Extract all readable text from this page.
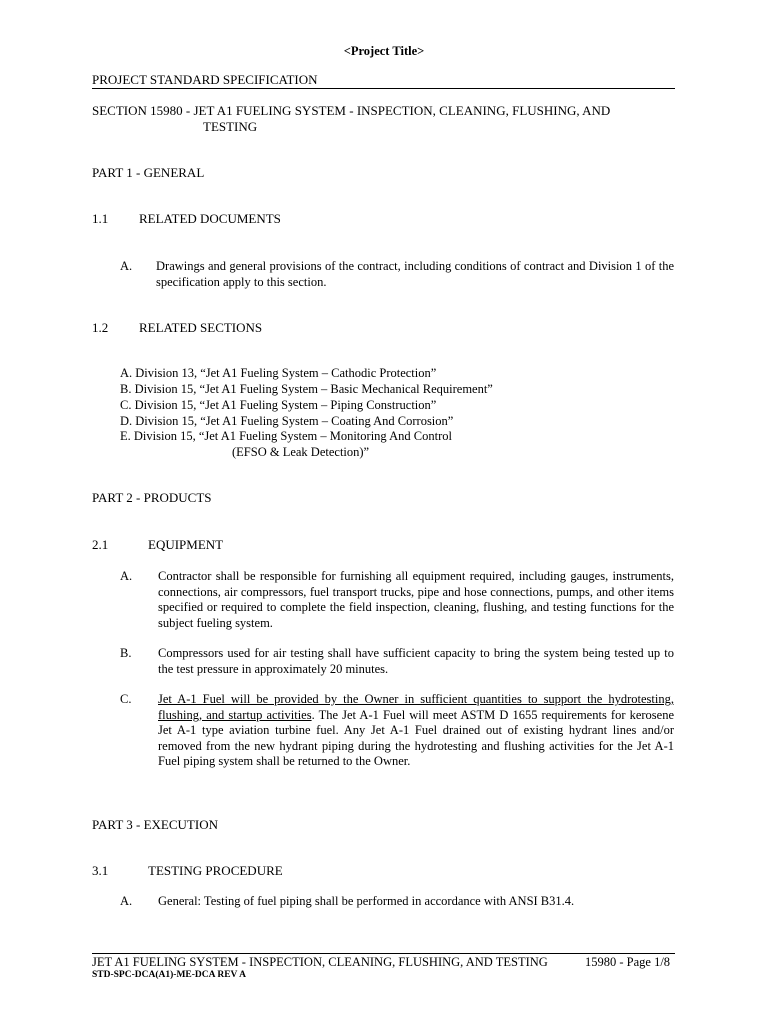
<Project Title>
PROJECT STANDARD SPECIFICATION
SECTION 15980 - JET A1 FUELING SYSTEM - INSPECTION, CLEANING, FLUSHING, AND
TESTING
PART 1 - GENERAL
1.1 RELATED DOCUMENTS
A. Drawings and general provisions of the contract, including conditions of contract and Division 1 of the specification apply to this section.
1.2 RELATED SECTIONS
A. Division 13, “Jet A1 Fueling System – Cathodic Protection”
B. Division 15, “Jet A1 Fueling System – Basic Mechanical Requirement”
C. Division 15, “Jet A1 Fueling System – Piping Construction”
D. Division 15, “Jet A1 Fueling System – Coating And Corrosion”
E. Division 15, “Jet A1 Fueling System – Monitoring And Control
(EFSO & Leak Detection)”
PART 2 - PRODUCTS
2.1	EQUIPMENT
A. Contractor shall be responsible for furnishing all equipment required, including gauges, instruments, connections, air compressors, fuel transport trucks, pipe and hose connections, pumps, and other items specified or required to complete the field inspection, cleaning, flushing, and testing functions for the subject fueling system.
B. Compressors used for air testing shall have sufficient capacity to bring the system being tested up to the test pressure in approximately 20 minutes.
C. Jet A-1 Fuel will be provided by the Owner in sufficient quantities to support the hydrotesting, flushing, and startup activities. The Jet A-1 Fuel will meet ASTM D 1655 requirements for kerosene Jet A-1 type aviation turbine fuel. Any Jet A-1 Fuel drained out of existing hydrant lines and/or removed from the new hydrant piping during the hydrotesting and flushing activities for the Jet A-1 Fuel piping system shall be returned to the Owner.
PART 3 - EXECUTION
3.1	TESTING PROCEDURE
A. General: Testing of fuel piping shall be performed in accordance with ANSI B31.4.
JET A1 FUELING SYSTEM - INSPECTION, CLEANING, FLUSHING, AND TESTING	15980 - Page 1/8
STD-SPC-DCA(A1)-ME-DCA REV A
